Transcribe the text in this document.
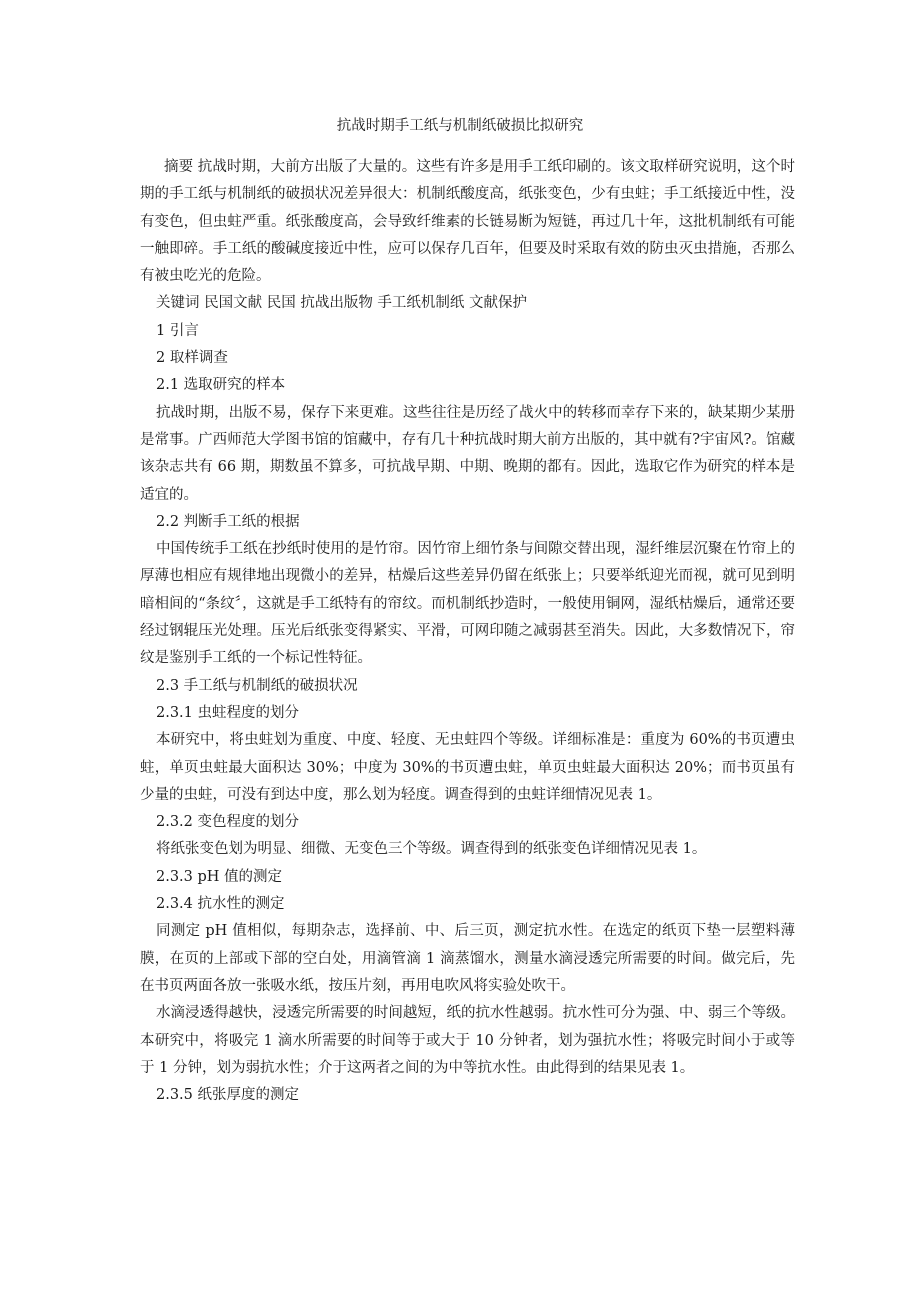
抗战时期手工纸与机制纸破损比拟研究

摘要 抗战时期，大前方出版了大量的。这些有许多是用手工纸印刷的。该文取样研究说明，这个时期的手工纸与机制纸的破损状况差异很大：机制纸酸度高，纸张变色，少有虫蛀；手工纸接近中性，没有变色，但虫蛀严重。纸张酸度高，会导致纤维素的长链易断为短链，再过几十年，这批机制纸有可能一触即碎。手工纸的酸碱度接近中性，应可以保存几百年，但要及时采取有效的防虫灭虫措施，否那么有被虫吃光的危险。

关键词 民国文献 民国 抗战出版物 手工纸机制纸 文献保护

1 引言

2 取样调查

2.1 选取研究的样本

抗战时期，出版不易，保存下来更难。这些往往是历经了战火中的转移而幸存下来的，缺某期少某册是常事。广西师范大学图书馆的馆藏中，存有几十种抗战时期大前方出版的，其中就有?宇宙风?。馆藏该杂志共有 66 期，期数虽不算多，可抗战早期、中期、晚期的都有。因此，选取它作为研究的样本是适宜的。

2.2 判断手工纸的根据

中国传统手工纸在抄纸时使用的是竹帘。因竹帘上细竹条与间隙交替出现，湿纤维层沉聚在竹帘上的厚薄也相应有规律地出现微小的差异，枯燥后这些差异仍留在纸张上；只要举纸迎光而视，就可见到明暗相间的“条纹〞，这就是手工纸特有的帘纹。而机制纸抄造时，一般使用铜网，湿纸枯燥后，通常还要经过钢辊压光处理。压光后纸张变得紧实、平滑，可网印随之减弱甚至消失。因此，大多数情况下，帘纹是鉴别手工纸的一个标记性特征。

2.3 手工纸与机制纸的破损状况

2.3.1 虫蛀程度的划分

本研究中，将虫蛀划为重度、中度、轻度、无虫蛀四个等级。详细标准是：重度为 60%的书页遭虫蛀，单页虫蛀最大面积达 30%；中度为 30%的书页遭虫蛀，单页虫蛀最大面积达 20%；而书页虽有少量的虫蛀，可没有到达中度，那么划为轻度。调查得到的虫蛀详细情况见表 1。

2.3.2 变色程度的划分

将纸张变色划为明显、细微、无变色三个等级。调查得到的纸张变色详细情况见表 1。

2.3.3 pH 值的测定

2.3.4 抗水性的测定

同测定 pH 值相似，每期杂志，选择前、中、后三页，测定抗水性。在选定的纸页下垫一层塑料薄膜，在页的上部或下部的空白处，用滴管滴 1 滴蒸馏水，测量水滴浸透完所需要的时间。做完后，先在书页两面各放一张吸水纸，按压片刻，再用电吹风将实验处吹干。

水滴浸透得越快，浸透完所需要的时间越短，纸的抗水性越弱。抗水性可分为强、中、弱三个等级。本研究中，将吸完 1 滴水所需要的时间等于或大于 10 分钟者，划为强抗水性；将吸完时间小于或等于 1 分钟，划为弱抗水性；介于这两者之间的为中等抗水性。由此得到的结果见表 1。

2.3.5 纸张厚度的测定
